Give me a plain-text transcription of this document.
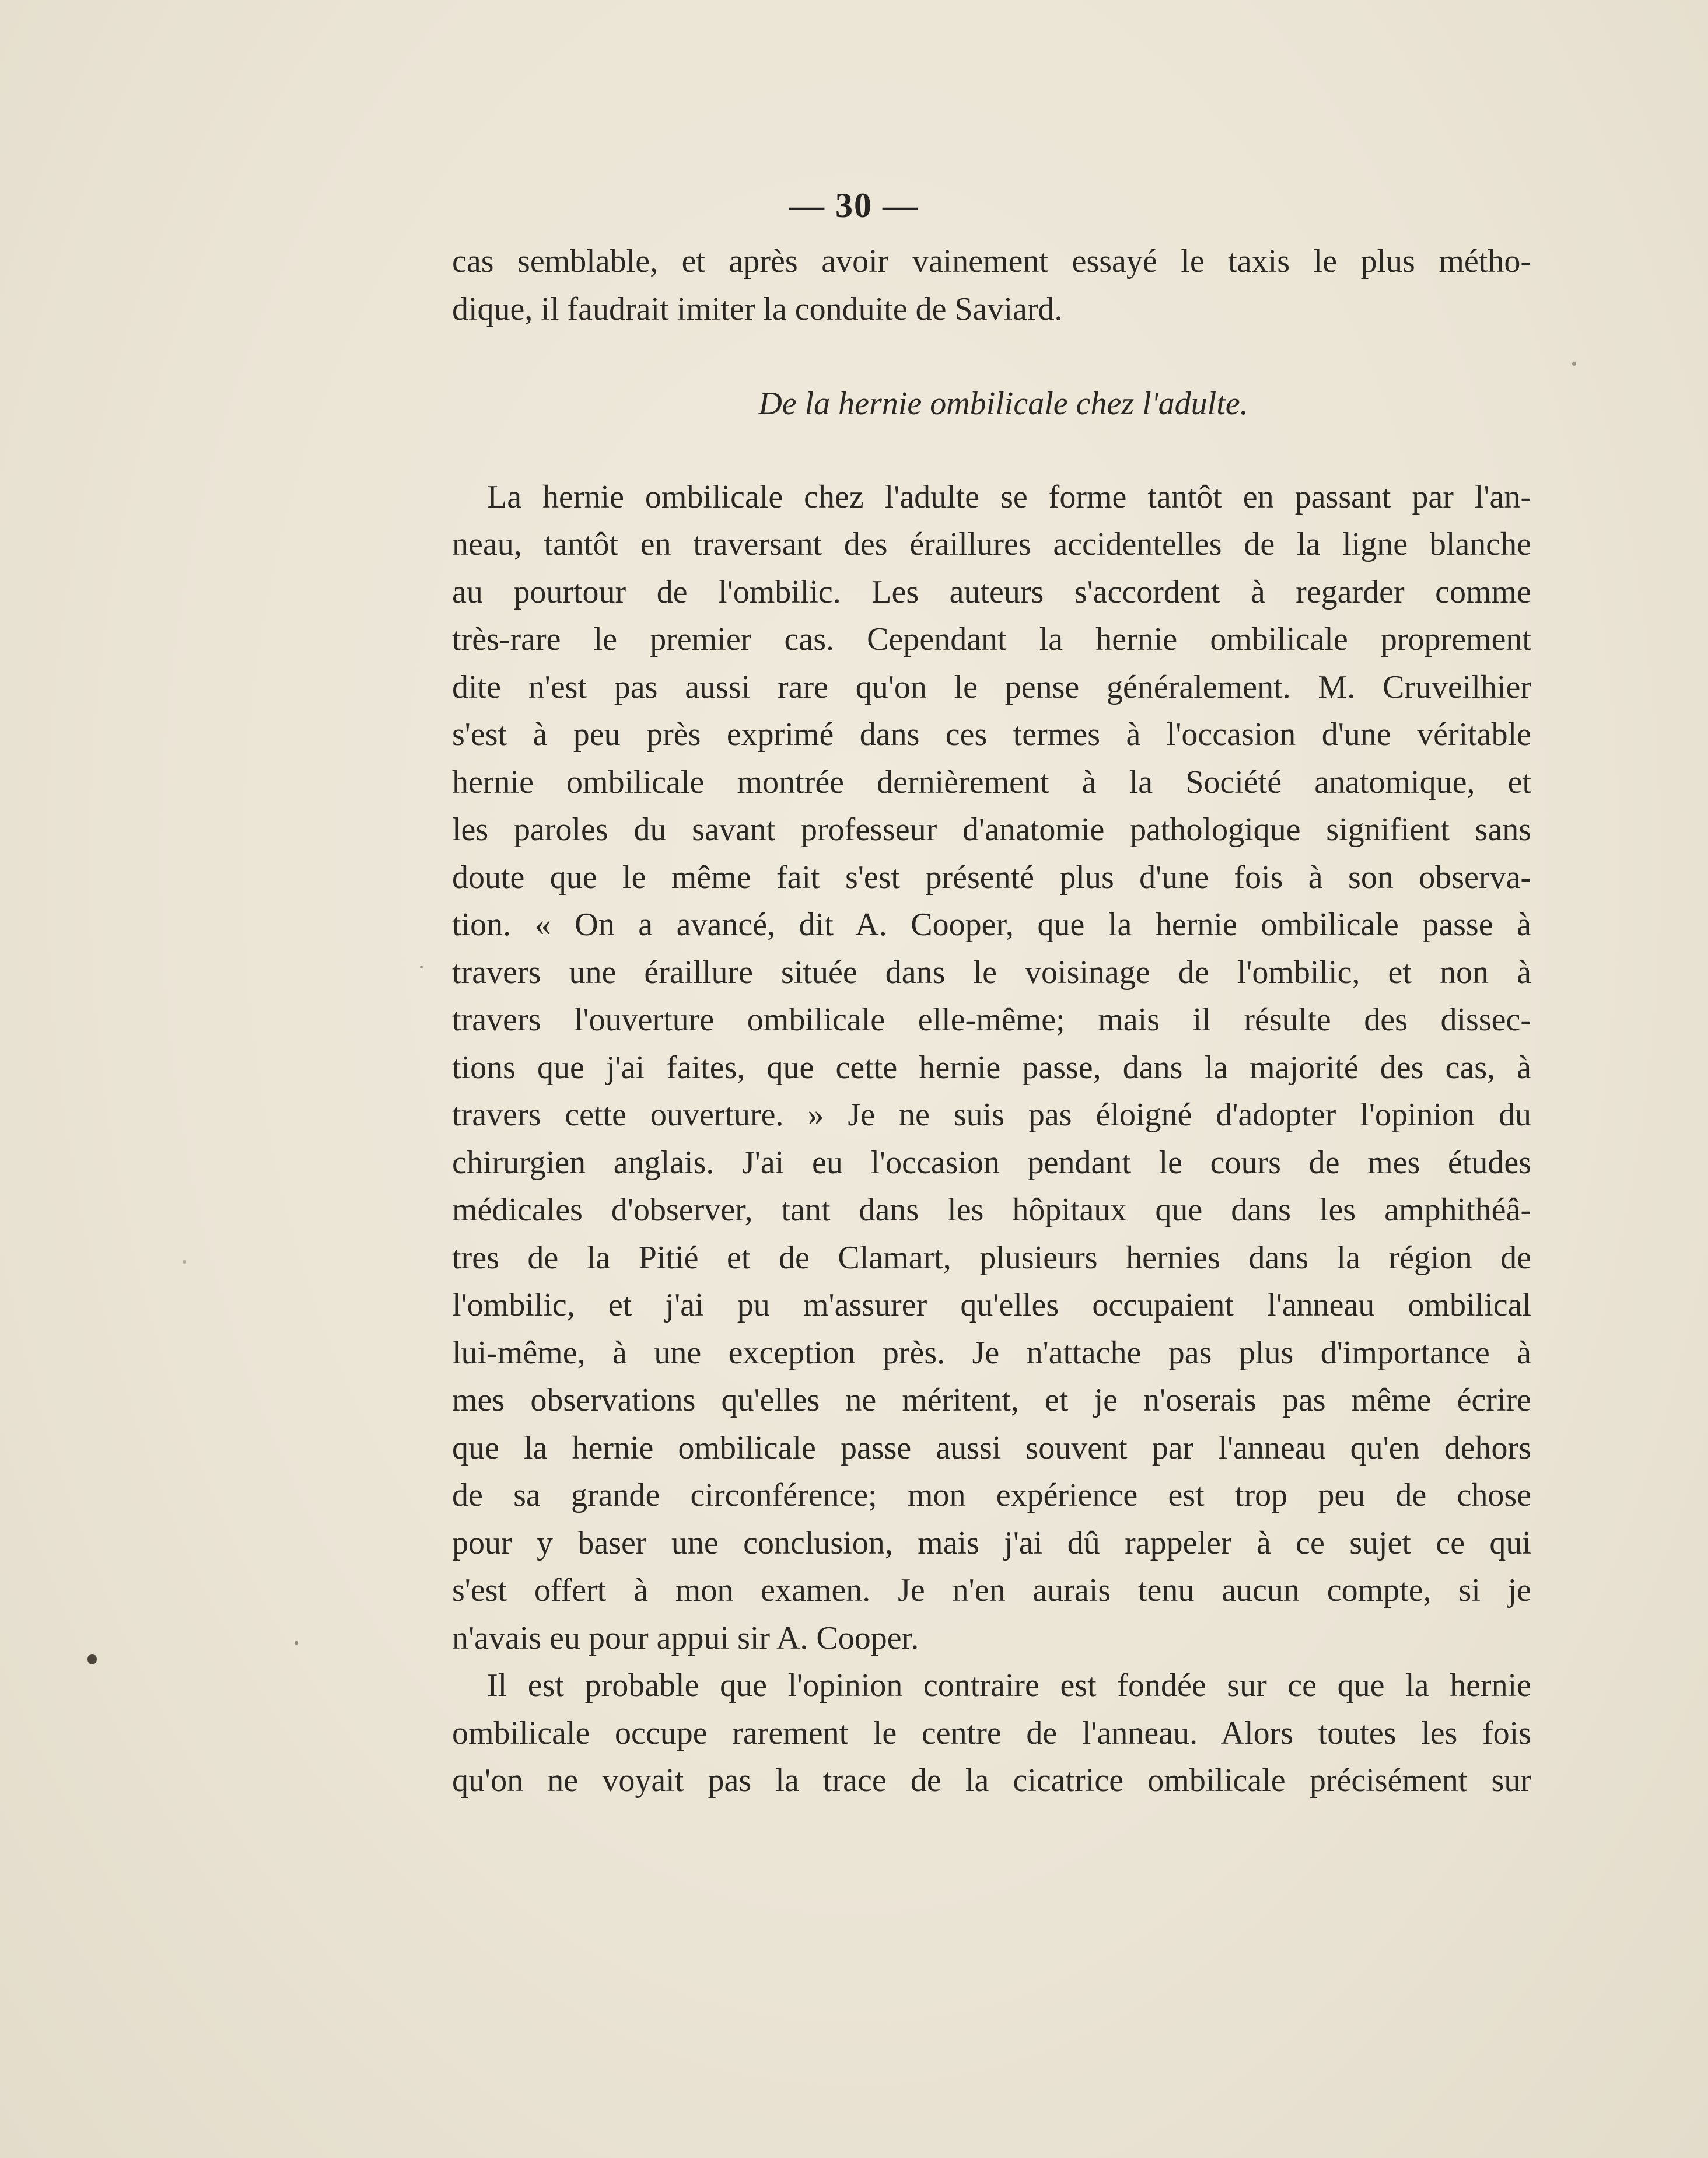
— 30 —
cas semblable, et après avoir vainement essayé le taxis le plus métho-
dique, il faudrait imiter la conduite de Saviard.
De la hernie ombilicale chez l'adulte.
La hernie ombilicale chez l'adulte se forme tantôt en passant par l'an-
neau, tantôt en traversant des éraillures accidentelles de la ligne blanche
au pourtour de l'ombilic. Les auteurs s'accordent à regarder comme
très-rare le premier cas. Cependant la hernie ombilicale proprement
dite n'est pas aussi rare qu'on le pense généralement. M. Cruveilhier
s'est à peu près exprimé dans ces termes à l'occasion d'une véritable
hernie ombilicale montrée dernièrement à la Société anatomique, et
les paroles du savant professeur d'anatomie pathologique signifient sans
doute que le même fait s'est présenté plus d'une fois à son observa-
tion. « On a avancé, dit A. Cooper, que la hernie ombilicale passe à
travers une éraillure située dans le voisinage de l'ombilic, et non à
travers l'ouverture ombilicale elle-même; mais il résulte des dissec-
tions que j'ai faites, que cette hernie passe, dans la majorité des cas, à
travers cette ouverture. » Je ne suis pas éloigné d'adopter l'opinion du
chirurgien anglais. J'ai eu l'occasion pendant le cours de mes études
médicales d'observer, tant dans les hôpitaux que dans les amphithéâ-
tres de la Pitié et de Clamart, plusieurs hernies dans la région de
l'ombilic, et j'ai pu m'assurer qu'elles occupaient l'anneau ombilical
lui-même, à une exception près. Je n'attache pas plus d'importance à
mes observations qu'elles ne méritent, et je n'oserais pas même écrire
que la hernie ombilicale passe aussi souvent par l'anneau qu'en dehors
de sa grande circonférence; mon expérience est trop peu de chose
pour y baser une conclusion, mais j'ai dû rappeler à ce sujet ce qui
s'est offert à mon examen. Je n'en aurais tenu aucun compte, si je
n'avais eu pour appui sir A. Cooper.
Il est probable que l'opinion contraire est fondée sur ce que la hernie
ombilicale occupe rarement le centre de l'anneau. Alors toutes les fois
qu'on ne voyait pas la trace de la cicatrice ombilicale précisément sur
